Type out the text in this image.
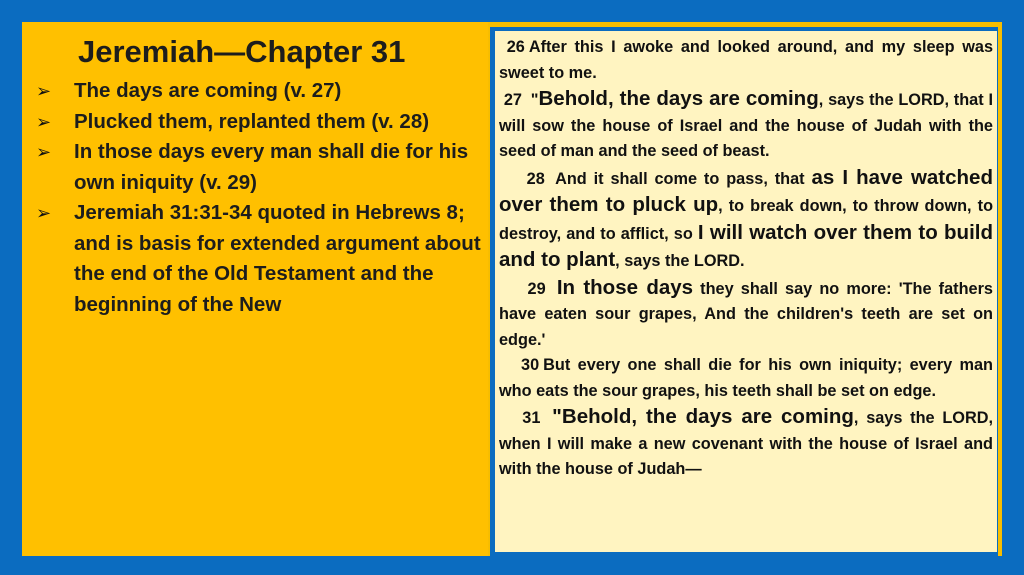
Jeremiah—Chapter 31
➢	The days are coming (v. 27)
➢	Plucked them, replanted them (v. 28)
➢	In those days every man shall die for his own iniquity (v. 29)
➢	Jeremiah 31:31-34 quoted in Hebrews 8; and is basis for extended argument about the end of the Old Testament and the beginning of the New

26 After this I awoke and looked around, and my sleep was sweet to me.

27 "Behold, the days are coming, says the LORD, that I will sow the house of Israel and the house of Judah with the seed of man and the seed of beast.

28 And it shall come to pass, that as I have watched over them to pluck up, to break down, to throw down, to destroy, and to afflict, so I will watch over them to build and to plant, says the LORD.

29 In those days they shall say no more: 'The fathers have eaten sour grapes, And the children's teeth are set on edge.'

30 But every one shall die for his own iniquity; every man who eats the sour grapes, his teeth shall be set on edge.

31 "Behold, the days are coming, says the LORD, when I will make a new covenant with the house of Israel and with the house of Judah—
